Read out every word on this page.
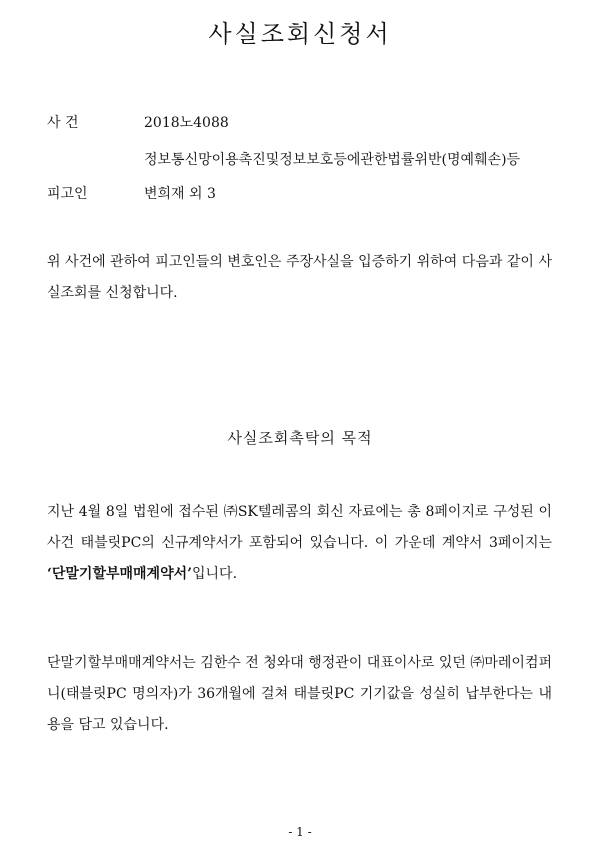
사실조회신청서
사 건	2018노4088
정보통신망이용촉진및정보보호등에관한법률위반(명예훼손)등
피고인	변희재 외 3

위 사건에 관하여 피고인들의 변호인은 주장사실을 입증하기 위하여 다음과 같이 사실조회를 신청합니다.

사실조회촉탁의 목적

지난 4월 8일 법원에 접수된 ㈜SK텔레콤의 회신 자료에는 총 8페이지로 구성된 이 사건 태블릿PC의 신규계약서가 포함되어 있습니다. 이 가운데 계약서 3페이지는 ‘단말기할부매매계약서’입니다.

단말기할부매매계약서는 김한수 전 청와대 행정관이 대표이사로 있던 ㈜마레이컴퍼니(태블릿PC 명의자)가 36개월에 걸쳐 태블릿PC 기기값을 성실히 납부한다는 내용을 담고 있습니다.

- 1 -
